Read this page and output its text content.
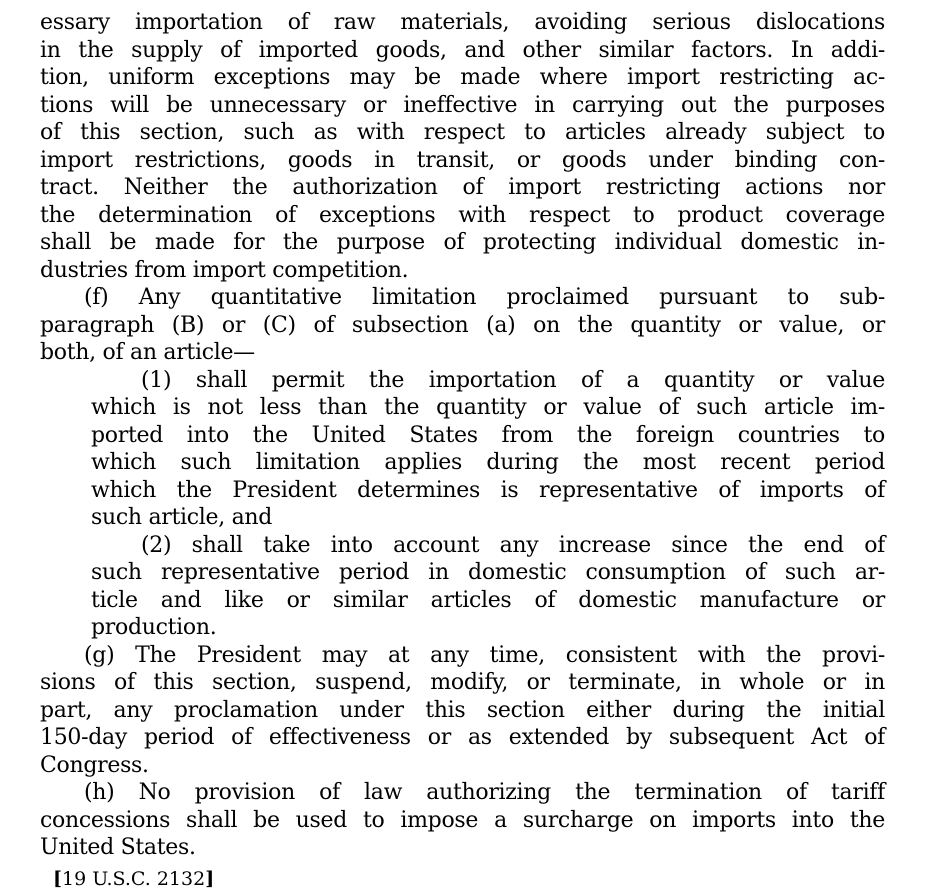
essary importation of raw materials, avoiding serious dislocations
in the supply of imported goods, and other similar factors. In addi-
tion, uniform exceptions may be made where import restricting ac-
tions will be unnecessary or ineffective in carrying out the purposes
of this section, such as with respect to articles already subject to
import restrictions, goods in transit, or goods under binding con-
tract. Neither the authorization of import restricting actions nor
the determination of exceptions with respect to product coverage
shall be made for the purpose of protecting individual domestic in-
dustries from import competition.
(f) Any quantitative limitation proclaimed pursuant to sub-
paragraph (B) or (C) of subsection (a) on the quantity or value, or
both, of an article—
(1) shall permit the importation of a quantity or value
which is not less than the quantity or value of such article im-
ported into the United States from the foreign countries to
which such limitation applies during the most recent period
which the President determines is representative of imports of
such article, and
(2) shall take into account any increase since the end of
such representative period in domestic consumption of such ar-
ticle and like or similar articles of domestic manufacture or
production.
(g) The President may at any time, consistent with the provi-
sions of this section, suspend, modify, or terminate, in whole or in
part, any proclamation under this section either during the initial
150-day period of effectiveness or as extended by subsequent Act of
Congress.
(h) No provision of law authorizing the termination of tariff
concessions shall be used to impose a surcharge on imports into the
United States.
[19 U.S.C. 2132]
